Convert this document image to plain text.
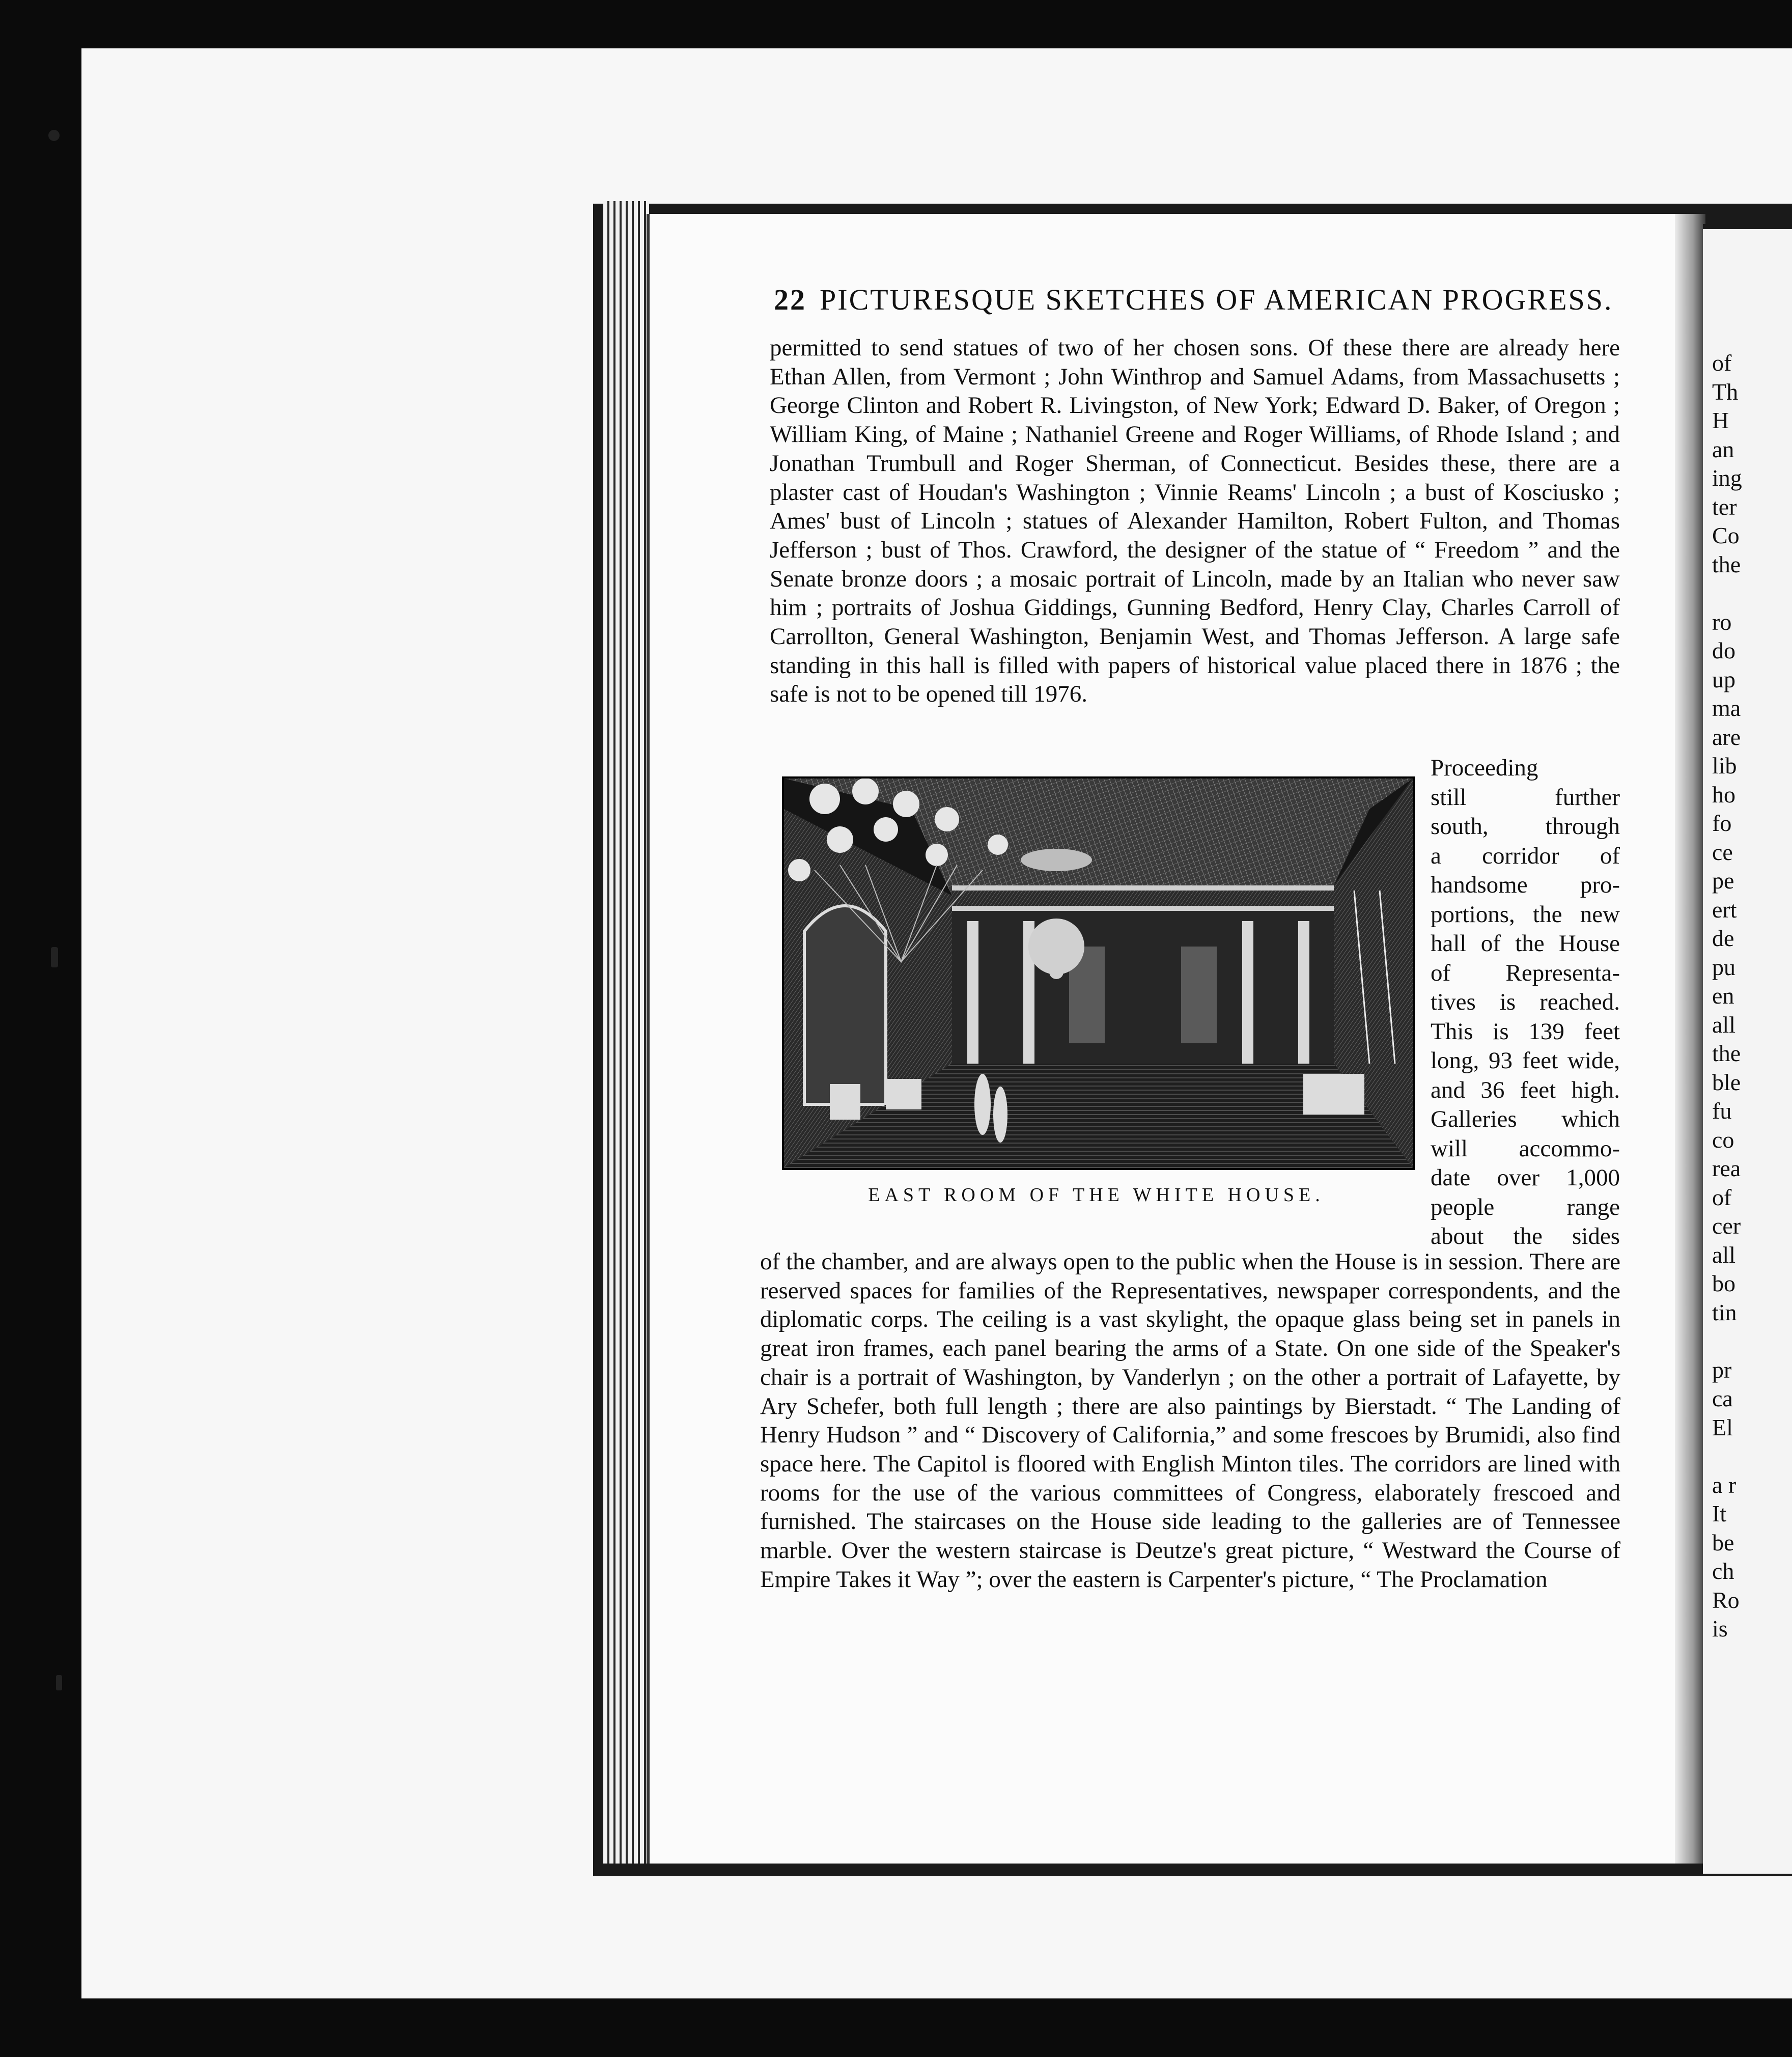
of
Th
H
an
ing
ter
Co
the
ro
do
up
ma
are
lib
ho
fo
ce
pe
ert
de
pu
en
all
the
ble
fu
co
rea
of
cer
all
bo
tin
pr
ca
El
a r
It
be
ch
Ro
is
22 PICTURESQUE SKETCHES OF AMERICAN PROGRESS.
permitted to send statues of two of her chosen sons. Of these there are already here Ethan Allen, from Vermont ; John Winthrop and Samuel Adams, from Massachusetts ; George Clinton and Robert R. Livingston, of New York; Edward D. Baker, of Oregon ; William King, of Maine ; Nathaniel Greene and Roger Williams, of Rhode Island ; and Jonathan Trumbull and Roger Sherman, of Connecticut. Besides these, there are a plaster cast of Houdan's Washington ; Vinnie Reams' Lincoln ; a bust of Kosciusko ; Ames' bust of Lincoln ; statues of Alexander Hamilton, Robert Fulton, and Thomas Jefferson ; bust of Thos. Crawford, the designer of the statue of “ Freedom ” and the Senate bronze doors ; a mosaic portrait of Lincoln, made by an Italian who never saw him ; portraits of Joshua Giddings, Gunning Bedford, Henry Clay, Charles Carroll of Carrollton, General Washington, Benjamin West, and Thomas Jefferson. A large safe standing in this hall is filled with papers of historical value placed there in 1876 ; the safe is not to be opened till 1976.
EAST ROOM OF THE WHITE HOUSE.
Proceeding
still further
south, through
a corridor of
handsome pro-
portions, the new
hall of the House
of Representa-
tives is reached.
This is 139 feet
long, 93 feet wide,
and 36 feet high.
Galleries which
will accommo-
date over 1,000
people range
about the sides
of the chamber, and are always open to the public when the House is in session. There are reserved spaces for families of the Representatives, newspaper correspondents, and the diplomatic corps. The ceiling is a vast skylight, the opaque glass being set in panels in great iron frames, each panel bearing the arms of a State. On one side of the Speaker's chair is a portrait of Washington, by Vanderlyn ; on the other a portrait of Lafayette, by Ary Schefer, both full length ; there are also paintings by Bierstadt. “ The Landing of Henry Hudson ” and “ Discovery of California,” and some frescoes by Brumidi, also find space here. The Capitol is floored with English Minton tiles. The corridors are lined with rooms for the use of the various committees of Congress, elaborately frescoed and furnished. The staircases on the House side leading to the galleries are of Tennessee marble. Over the western staircase is Deutze's great picture, “ Westward the Course of Empire Takes it Way ”; over the eastern is Carpenter's picture, “ The Proclamation
